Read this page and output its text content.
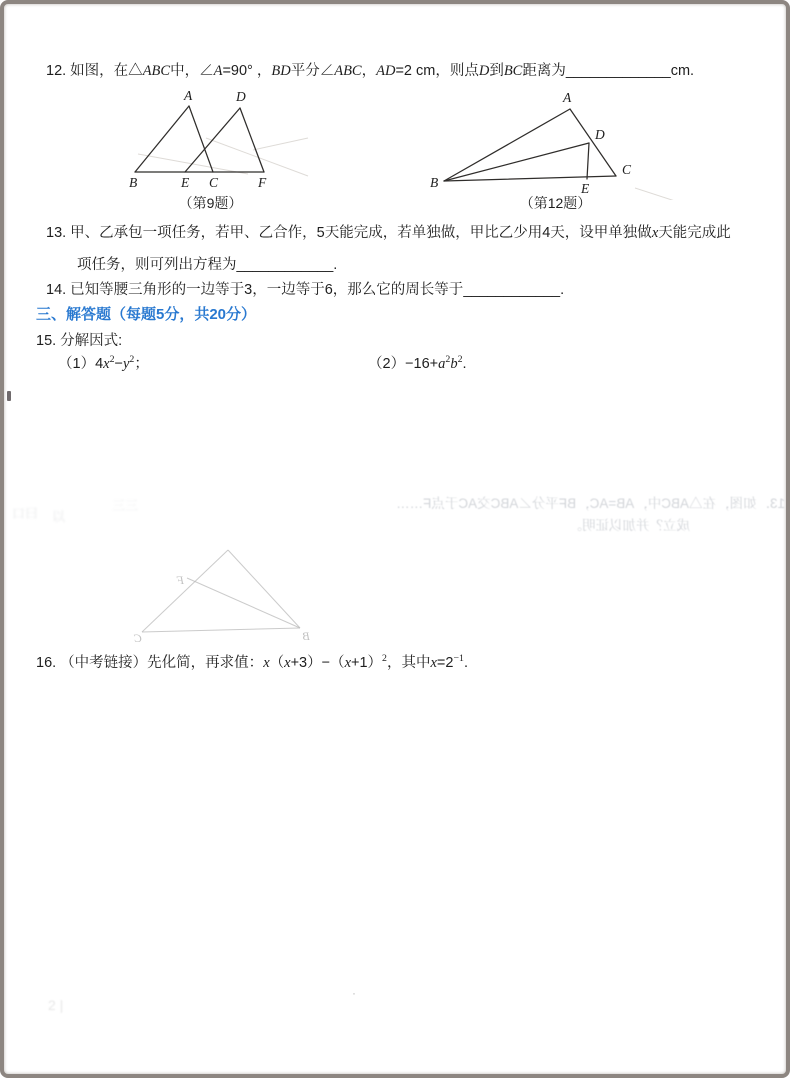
12. 如图，在△ABC中，∠A=90° ，BD平分∠ABC，AD=2 cm，则点D到BC距离为_____________cm.
A	D
B	E C	F
（第9题）
A
B
C
D
E
（第12题）
13. 甲、乙承包一项任务，若甲、乙合作，5天能完成，若单独做，甲比乙少用4天，设甲单独做x天能完成此
项任务，则可列出方程为____________.
14. 已知等腰三角形的一边等于3，一边等于6，那么它的周长等于____________.
三、解答题（每题5分，共20分）
15. 分解因式:
$(1)4x^2-y^2$；	$(2)-16+a^2b^2$.
口曰 以
三三	13．如图，在△ABC中，AB=AC，BF平分∠ABC交AC于点F……
成立？并加以证明。
F
C	B
16. （中考链接）先化简，再求值：$x(x+3)-(x+1)^2$，其中$x=2^{-1}$.
2 |
·
